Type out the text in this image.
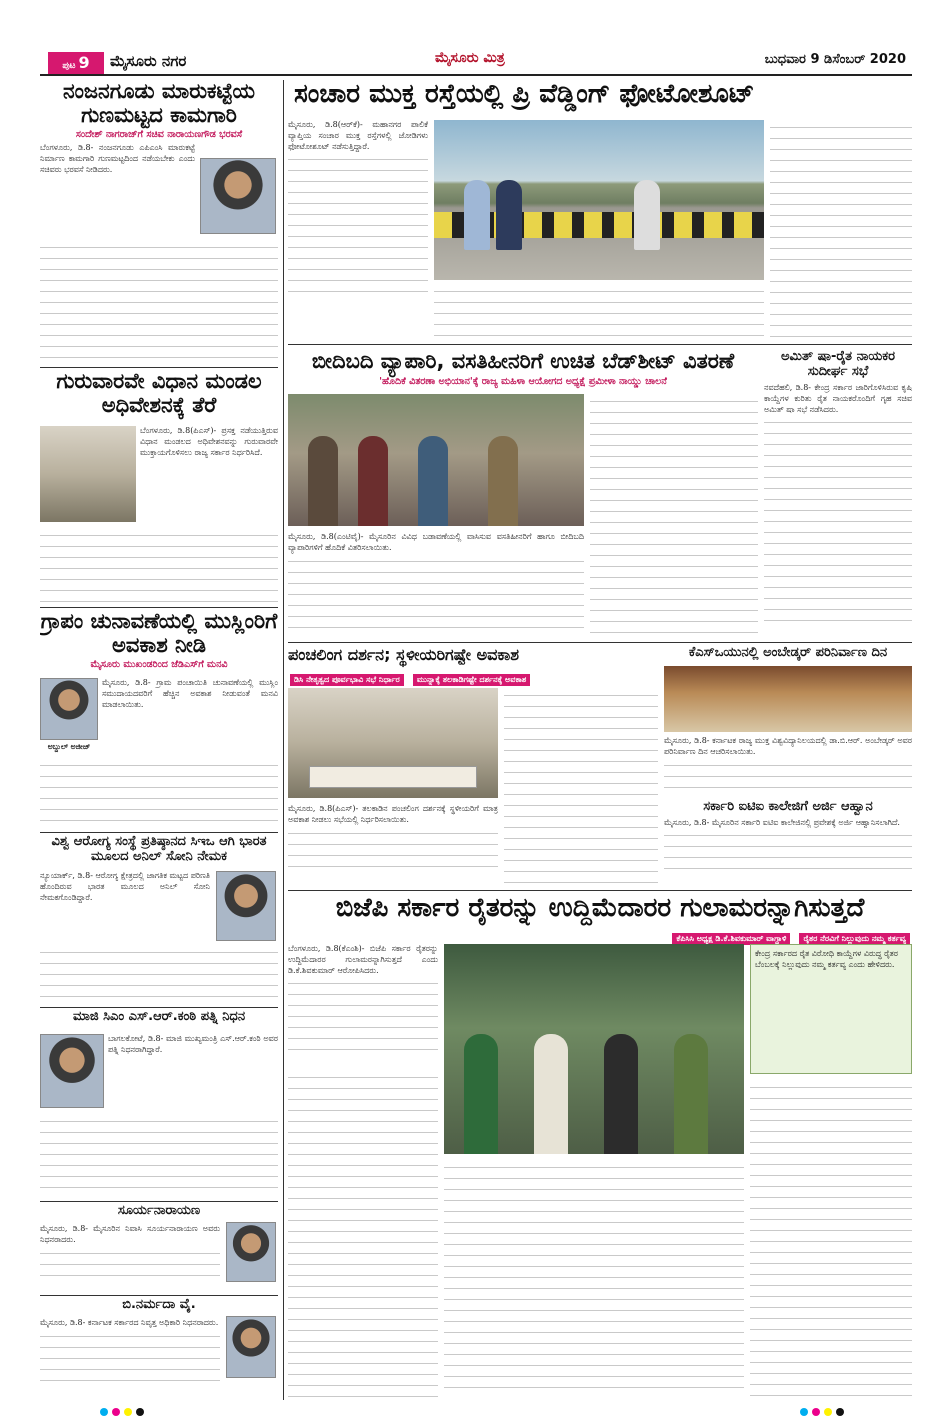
ಪುಟ 9	ಮೈಸೂರು ನಗರ	ಮೈಸೂರು ಮಿತ್ರ	ಬುಧವಾರ 9 ಡಿಸೆಂಬರ್ 2020
ನಂಜನಗೂಡು ಮಾರುಕಟ್ಟೆಯ ಗುಣಮಟ್ಟದ ಕಾಮಗಾರಿ
ಸಂದೇಶ್ ನಾಗರಾಜ್‌ಗೆ ಸಚಿವ ನಾರಾಯಣಗೌಡ ಭರವಸೆ

ಬೆಂಗಳೂರು, ಡಿ.8- ನಂಜನಗೂಡು ಎಪಿಎಂಸಿ ಮಾರುಕಟ್ಟೆ ನಿರ್ಮಾಣ ಕಾಮಗಾರಿ ಗುಣಮಟ್ಟದಿಂದ ನಡೆಯಬೇಕು ಎಂದು ಸಚಿವರು ಭರವಸೆ ನೀಡಿದರು.

ಸಂಚಾರ ಮುಕ್ತ ರಸ್ತೆಯಲ್ಲಿ ಪ್ರಿ ವೆಡ್ಡಿಂಗ್ ಫೋಟೋಶೂಟ್

ಮೈಸೂರು, ಡಿ.8(ಆರ್‌ಕೆ)- ಮಹಾನಗರ ಪಾಲಿಕೆ ವ್ಯಾಪ್ತಿಯ ಸಂಚಾರ ಮುಕ್ತ ರಸ್ತೆಗಳಲ್ಲಿ ಜೋಡಿಗಳು ಫೋಟೋಶೂಟ್ ನಡೆಸುತ್ತಿದ್ದಾರೆ.

ಗುರುವಾರವೇ ವಿಧಾನ ಮಂಡಲ ಅಧಿವೇಶನಕ್ಕೆ ತೆರೆ

ಬೆಂಗಳೂರು, ಡಿ.8(ಪಿಎಸ್)- ಪ್ರಸಕ್ತ ನಡೆಯುತ್ತಿರುವ ವಿಧಾನ ಮಂಡಲದ ಅಧಿವೇಶನವನ್ನು ಗುರುವಾರವೇ ಮುಕ್ತಾಯಗೊಳಿಸಲು ರಾಜ್ಯ ಸರ್ಕಾರ ನಿರ್ಧರಿಸಿದೆ.

ಬೀದಿಬದಿ ವ್ಯಾಪಾರಿ, ವಸತಿಹೀನರಿಗೆ ಉಚಿತ ಬೆಡ್‌ಶೀಟ್ ವಿತರಣೆ
'ಹೊದಿಕೆ ವಿತರಣಾ ಅಭಿಯಾನ'ಕ್ಕೆ ರಾಜ್ಯ ಮಹಿಳಾ ಆಯೋಗದ ಅಧ್ಯಕ್ಷೆ ಪ್ರಮೀಳಾ ನಾಯ್ಡು ಚಾಲನೆ

ಮೈಸೂರು, ಡಿ.8(ಎಂಟಿವೈ)- ಮೈಸೂರಿನ ವಿವಿಧ ಬಡಾವಣೆಯಲ್ಲಿ ವಾಸಿಸುವ ವಸತಿಹೀನರಿಗೆ ಹಾಗೂ ಬೀದಿಬದಿ ವ್ಯಾಪಾರಿಗಳಿಗೆ ಹೊದಿಕೆ ವಿತರಿಸಲಾಯಿತು.

ಅಮಿತ್ ಷಾ-ರೈತ ನಾಯಕರ ಸುದೀರ್ಘ ಸಭೆ

ನವದೆಹಲಿ, ಡಿ.8- ಕೇಂದ್ರ ಸರ್ಕಾರ ಜಾರಿಗೊಳಿಸಿರುವ ಕೃಷಿ ಕಾಯ್ದೆಗಳ ಕುರಿತು ರೈತ ನಾಯಕರೊಂದಿಗೆ ಗೃಹ ಸಚಿವ ಅಮಿತ್ ಷಾ ಸಭೆ ನಡೆಸಿದರು.

ಗ್ರಾಪಂ ಚುನಾವಣೆಯಲ್ಲಿ ಮುಸ್ಲಿಂರಿಗೆ ಅವಕಾಶ ನೀಡಿ
ಮೈಸೂರು ಮುಖಂಡರಿಂದ ಜೆಡಿಎಸ್‌ಗೆ ಮನವಿ
ಅಬ್ದುಲ್ ಅಜೀಜ್

ಮೈಸೂರು, ಡಿ.8- ಗ್ರಾಮ ಪಂಚಾಯಿತಿ ಚುನಾವಣೆಯಲ್ಲಿ ಮುಸ್ಲಿಂ ಸಮುದಾಯದವರಿಗೆ ಹೆಚ್ಚಿನ ಅವಕಾಶ ನೀಡುವಂತೆ ಮನವಿ ಮಾಡಲಾಯಿತು.

ಪಂಚಲಿಂಗ ದರ್ಶನ; ಸ್ಥಳೀಯರಿಗಷ್ಟೇ ಅವಕಾಶ
ಡಿಸಿ ನೇತೃತ್ವದ ಪೂರ್ವಭಾವಿ ಸಭೆ ನಿರ್ಧಾರ ಮುನ್ನಾಕ್ಕೆ ತಲಕಾಡಿಗಷ್ಟೇ ದರ್ಶನಕ್ಕೆ ಅವಕಾಶ

ಮೈಸೂರು, ಡಿ.8(ಪಿಎಸ್)- ತಲಕಾಡಿನ ಪಂಚಲಿಂಗ ದರ್ಶನಕ್ಕೆ ಸ್ಥಳೀಯರಿಗೆ ಮಾತ್ರ ಅವಕಾಶ ನೀಡಲು ಸಭೆಯಲ್ಲಿ ನಿರ್ಧರಿಸಲಾಯಿತು.

ಕೆಎಸ್‌ಒಯುನಲ್ಲಿ ಅಂಬೇಡ್ಕರ್ ಪರಿನಿರ್ವಾಣ ದಿನ

ಮೈಸೂರು, ಡಿ.8- ಕರ್ನಾಟಕ ರಾಜ್ಯ ಮುಕ್ತ ವಿಶ್ವವಿದ್ಯಾನಿಲಯದಲ್ಲಿ ಡಾ.ಬಿ.ಆರ್. ಅಂಬೇಡ್ಕರ್ ಅವರ ಪರಿನಿರ್ವಾಣ ದಿನ ಆಚರಿಸಲಾಯಿತು.

ಸರ್ಕಾರಿ ಐಟಿಐ ಕಾಲೇಜಿಗೆ ಅರ್ಜಿ ಆಹ್ವಾನ

ಮೈಸೂರು, ಡಿ.8- ಮೈಸೂರಿನ ಸರ್ಕಾರಿ ಐಟಿಐ ಕಾಲೇಜಿನಲ್ಲಿ ಪ್ರವೇಶಕ್ಕೆ ಅರ್ಜಿ ಆಹ್ವಾನಿಸಲಾಗಿದೆ.

ವಿಶ್ವ ಆರೋಗ್ಯ ಸಂಸ್ಥೆ ಪ್ರತಿಷ್ಠಾನದ ಸಿಇಒ ಆಗಿ ಭಾರತ ಮೂಲದ ಅನಿಲ್ ಸೋನಿ ನೇಮಕ

ನ್ಯೂಯಾರ್ಕ್, ಡಿ.8- ಆರೋಗ್ಯ ಕ್ಷೇತ್ರದಲ್ಲಿ ಜಾಗತಿಕ ಮಟ್ಟದ ಪರಿಣತಿ ಹೊಂದಿರುವ ಭಾರತ ಮೂಲದ ಅನಿಲ್ ಸೋನಿ ನೇಮಕಗೊಂಡಿದ್ದಾರೆ.	ಬಿಜೆಪಿ ಸರ್ಕಾರ ರೈತರನ್ನು ಉದ್ದಿಮೆದಾರರ ಗುಲಾಮರನ್ನಾಗಿಸುತ್ತದೆ
ಕೆಪಿಸಿಸಿ ಅಧ್ಯಕ್ಷ ಡಿ.ಕೆ.ಶಿವಕುಮಾರ್ ವಾಗ್ದಾಳಿ ರೈತರ ನೆರವಿಗೆ ನಿಲ್ಲುವುದು ನಮ್ಮ ಕರ್ತವ್ಯ

ಬೆಂಗಳೂರು, ಡಿ.8(ಕೆಎಂಶಿ)- ಬಿಜೆಪಿ ಸರ್ಕಾರ ರೈತರನ್ನು ಉದ್ದಿಮೆದಾರರ ಗುಲಾಮರನ್ನಾಗಿಸುತ್ತದೆ ಎಂದು ಡಿ.ಕೆ.ಶಿವಕುಮಾರ್ ಆರೋಪಿಸಿದರು.

ಕೇಂದ್ರ ಸರ್ಕಾರದ ರೈತ ವಿರೋಧಿ ಕಾಯ್ದೆಗಳ ವಿರುದ್ಧ ರೈತರ ಬೆಂಬಲಕ್ಕೆ ನಿಲ್ಲುವುದು ನಮ್ಮ ಕರ್ತವ್ಯ ಎಂದು ಹೇಳಿದರು.
ಮಾಜಿ ಸಿಎಂ ಎಸ್.ಆರ್.ಕಂಠಿ ಪತ್ನಿ ನಿಧನ

ಬಾಗಲಕೋಟೆ, ಡಿ.8- ಮಾಜಿ ಮುಖ್ಯಮಂತ್ರಿ ಎಸ್.ಆರ್.ಕಂಠಿ ಅವರ ಪತ್ನಿ ನಿಧನರಾಗಿದ್ದಾರೆ.

ಸೂರ್ಯನಾರಾಯಣ

ಮೈಸೂರು, ಡಿ.8- ಮೈಸೂರಿನ ನಿವಾಸಿ ಸೂರ್ಯನಾರಾಯಣ ಅವರು ನಿಧನರಾದರು.

ಬಿ.ನರ್ಮದಾ ವೈ.

ಮೈಸೂರು, ಡಿ.8- ಕರ್ನಾಟಕ ಸರ್ಕಾರದ ನಿವೃತ್ತ ಅಧಿಕಾರಿ ನಿಧನರಾದರು.
